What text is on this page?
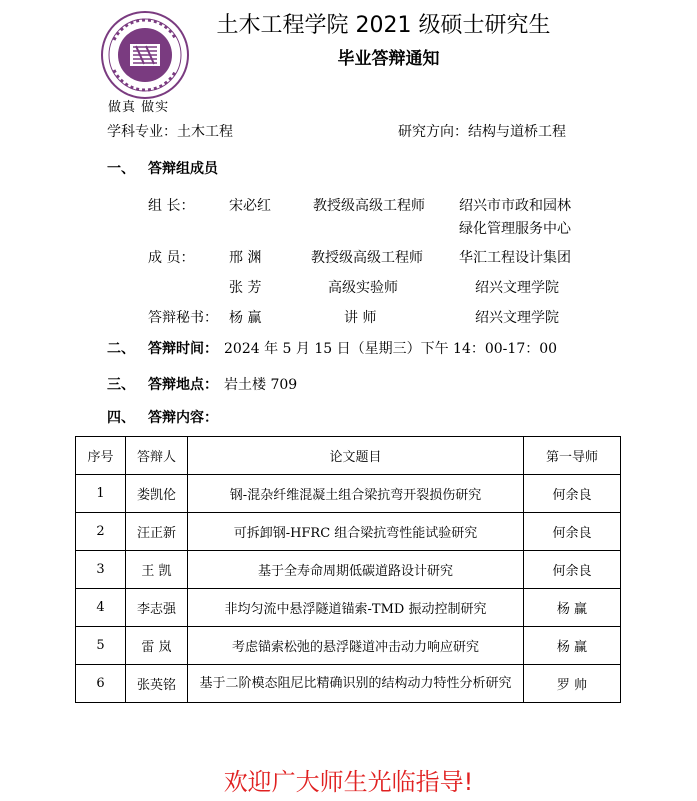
做真 做实
土木工程学院 2021 级硕士研究生
毕业答辩通知
学科专业：土木工程	研究方向：结构与道桥工程
一、 答辩组成员
组 长： 宋必红	教授级高级工程师 绍兴市市政和园林
绿化管理服务中心
成 员： 邢 渊	教授级高级工程师	华汇工程设计集团
张 芳	高级实验师	绍兴文理学院
答辩秘书： 杨 赢	讲 师	绍兴文理学院
二、 答辩时间： 2024 年 5 月 15 日（星期三）下午 14：00-17：00
三、 答辩地点： 岩土楼 709
四、 答辩内容：
序号	答辩人	论文题目	第一导师
1	娄凯伦	钢-混杂纤维混凝土组合梁抗弯开裂损伤研究	何余良
2	汪正新	可拆卸钢-HFRC 组合梁抗弯性能试验研究	何余良
3	王 凯	基于全寿命周期低碳道路设计研究	何余良
4	李志强	非均匀流中悬浮隧道锚索-TMD 振动控制研究	杨 赢
5	雷 岚	考虑锚索松弛的悬浮隧道冲击动力响应研究	杨 赢
6	张英铭	基于二阶模态阻尼比精确识别的结构动力特性分析研究	罗 帅
欢迎广大师生光临指导!
